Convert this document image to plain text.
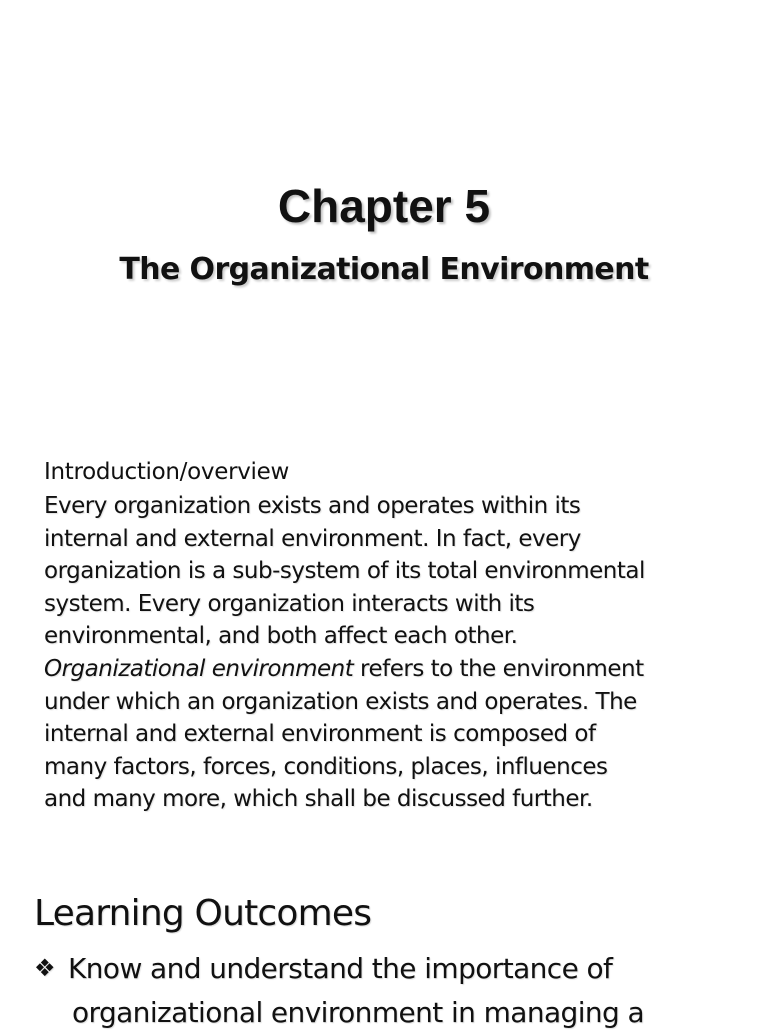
Chapter 5
The Organizational Environment
Introduction/overview

Every organization exists and operates within its
internal and external environment. In fact, every
organization is a sub-system of its total environmental
system. Every organization interacts with its
environmental, and both affect each other.
Organizational environment refers to the environment
under which an organization exists and operates. The
internal and external environment is composed of
many factors, forces, conditions, places, influences
and many more, which shall be discussed further.

Learning Outcomes
❖ Know and understand the importance of
organizational environment in managing a
